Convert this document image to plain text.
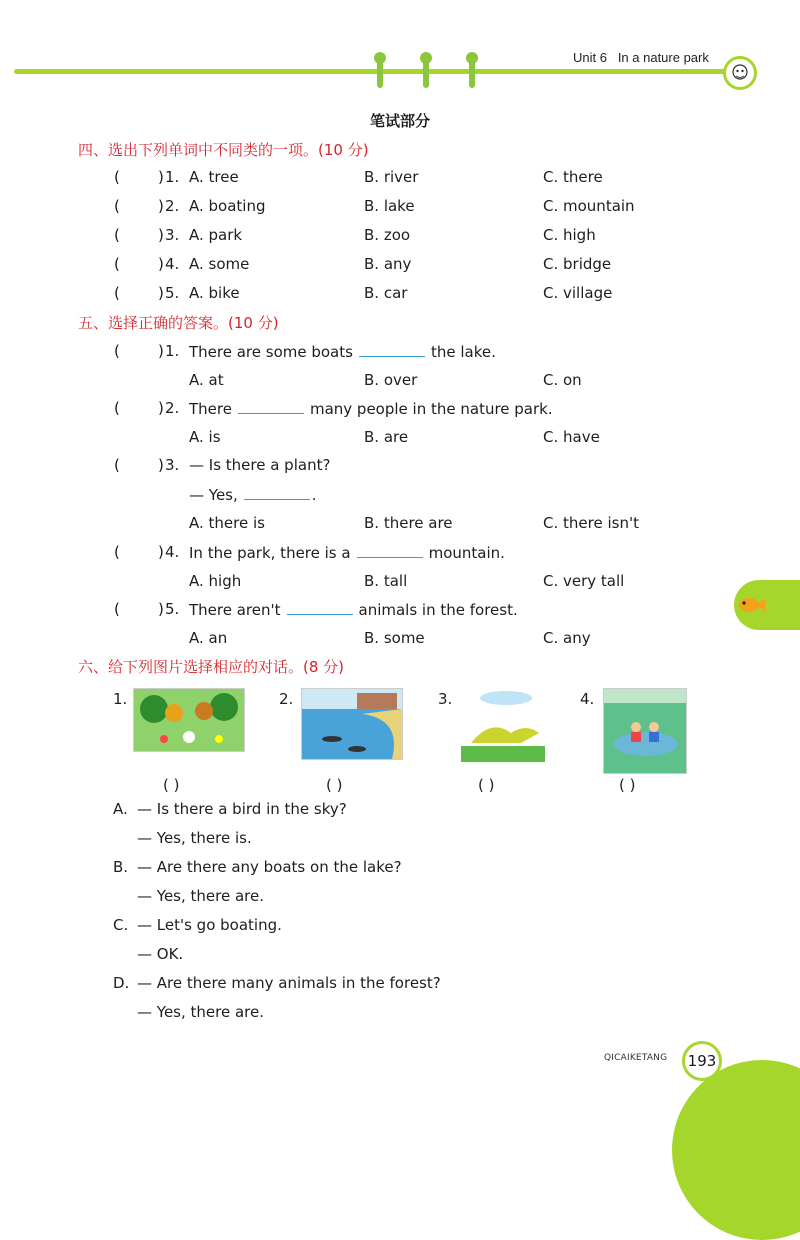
Unit 6 In a nature park
笔试部分
四、选出下列单词中不同类的一项。(10 分)
五、选择正确的答案。(10 分)
六、给下列图片选择相应的对话。(8 分)
1.	2.	3.	4.
( )	( )	( )	( )
QICAIKETANG	193
(	) 1. A. tree	B. river	C. there
(	) 2. A. boating	B. lake	C. mountain
(	) 3. A. park	B. zoo	C. high
(	) 4. A. some	B. any	C. bridge
(	) 5. A. bike	B. car	C. village
(	) 1. There are some boats	the lake.
A. at	B. over	C. on
(	) 2. There	many people in the nature park.
A. is	B. are	C. have
(	) 3. — Is there a plant?
— Yes,	.
A. there is	B. there are	C. there isn't
(	) 4. In the park, there is a	mountain.
A. high	B. tall	C. very tall
(	) 5. There aren't	animals in the forest.
A. an	B. some	C. any
A. — Is there a bird in the sky?
— Yes, there is.
B. — Are there any boats on the lake?
— Yes, there are.
C. — Let's go boating.
— OK.
D. — Are there many animals in the forest?
— Yes, there are.
